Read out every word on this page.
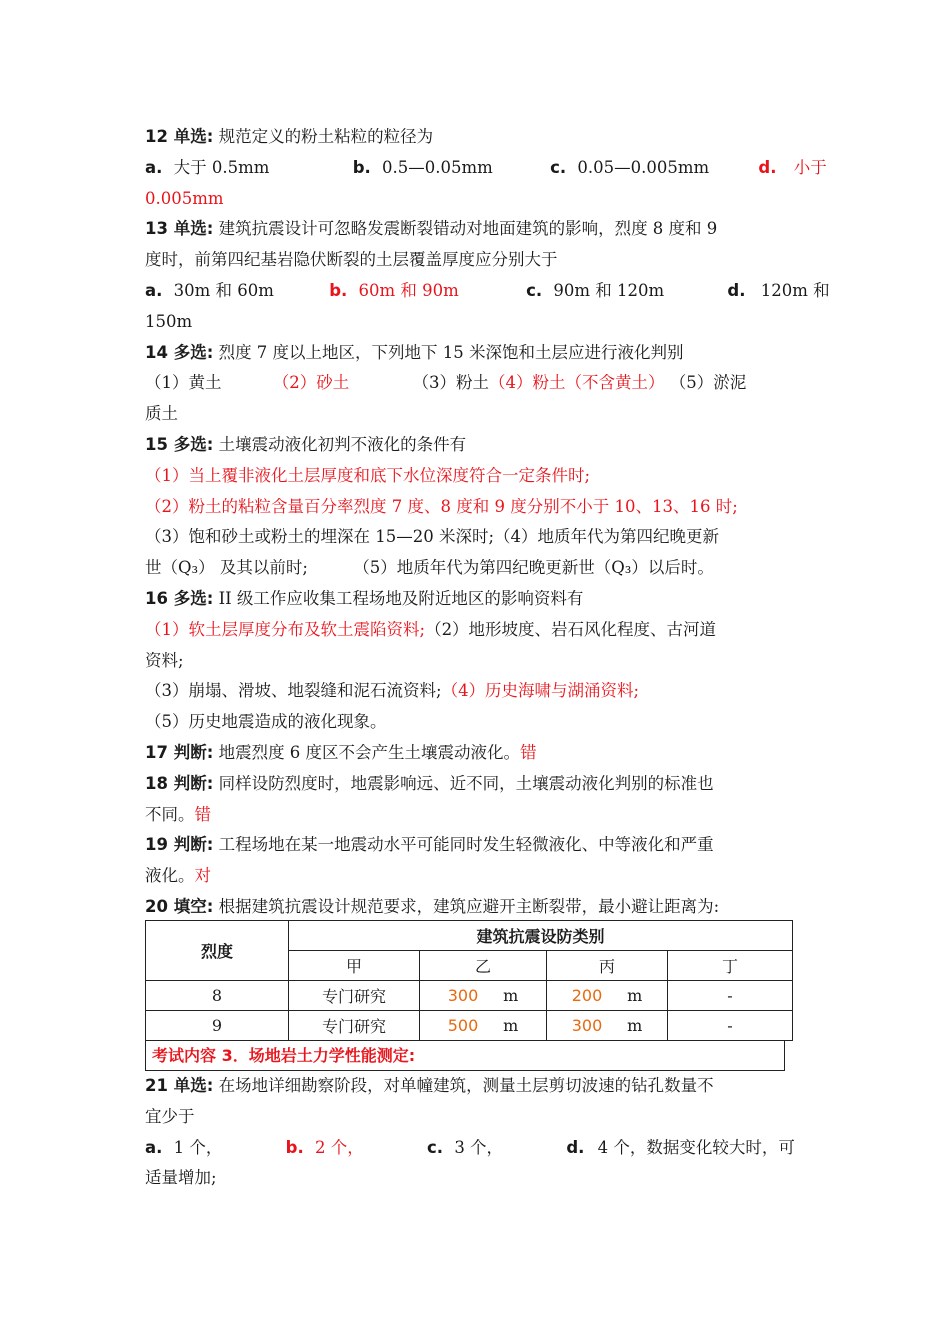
12 单选: 规范定义的粉土粘粒的粒径为
a. 大于 0.5mm	b. 0.5—0.05mm	c. 0.05—0.005mm	d. 小于
0.005mm
13 单选: 建筑抗震设计可忽略发震断裂错动对地面建筑的影响，烈度 8 度和 9
度时，前第四纪基岩隐伏断裂的土层覆盖厚度应分别大于
a. 30m 和 60m	b. 60m 和 90m	c. 90m 和 120m	d. 120m 和
150m
14 多选: 烈度 7 度以上地区，下列地下 15 米深饱和土层应进行液化判别
（1）黄土	（2）砂土	（3）粉土（4）粉土（不含黄土） （5）淤泥
质土
15 多选: 土壤震动液化初判不液化的条件有
（1）当上覆非液化土层厚度和底下水位深度符合一定条件时;
（2）粉土的粘粒含量百分率烈度 7 度、8 度和 9 度分别不小于 10、13、16 时;
（3）饱和砂土或粉土的埋深在 15—20 米深时;（4）地质年代为第四纪晚更新
世（Q₃） 及其以前时;	（5）地质年代为第四纪晚更新世（Q₃）以后时。
16 多选: II 级工作应收集工程场地及附近地区的影响资料有
（1）软土层厚度分布及软土震陷资料;（2）地形坡度、岩石风化程度、古河道
资料;
（3）崩塌、滑坡、地裂缝和泥石流资料;（4）历史海啸与湖涌资料;
（5）历史地震造成的液化现象。
17 判断: 地震烈度 6 度区不会产生土壤震动液化。错
18 判断: 同样设防烈度时，地震影响远、近不同，土壤震动液化判别的标准也
不同。错
19 判断: 工程场地在某一地震动水平可能同时发生轻微液化、中等液化和严重
液化。对
20 填空: 根据建筑抗震设计规范要求，建筑应避开主断裂带，最小避让距离为:
烈度	建筑抗震设防类别			
	甲	乙	丙	丁
8	专门研究	300 m	200 m	-
9	专门研究	500 m	300 m	-
考试内容 3．场地岩土力学性能测定:
21 单选: 在场地详细勘察阶段，对单幢建筑，测量土层剪切波速的钻孔数量不
宜少于
a. 1 个，	b. 2 个，	c. 3 个，	d. 4 个，数据变化较大时，可
适量增加;
